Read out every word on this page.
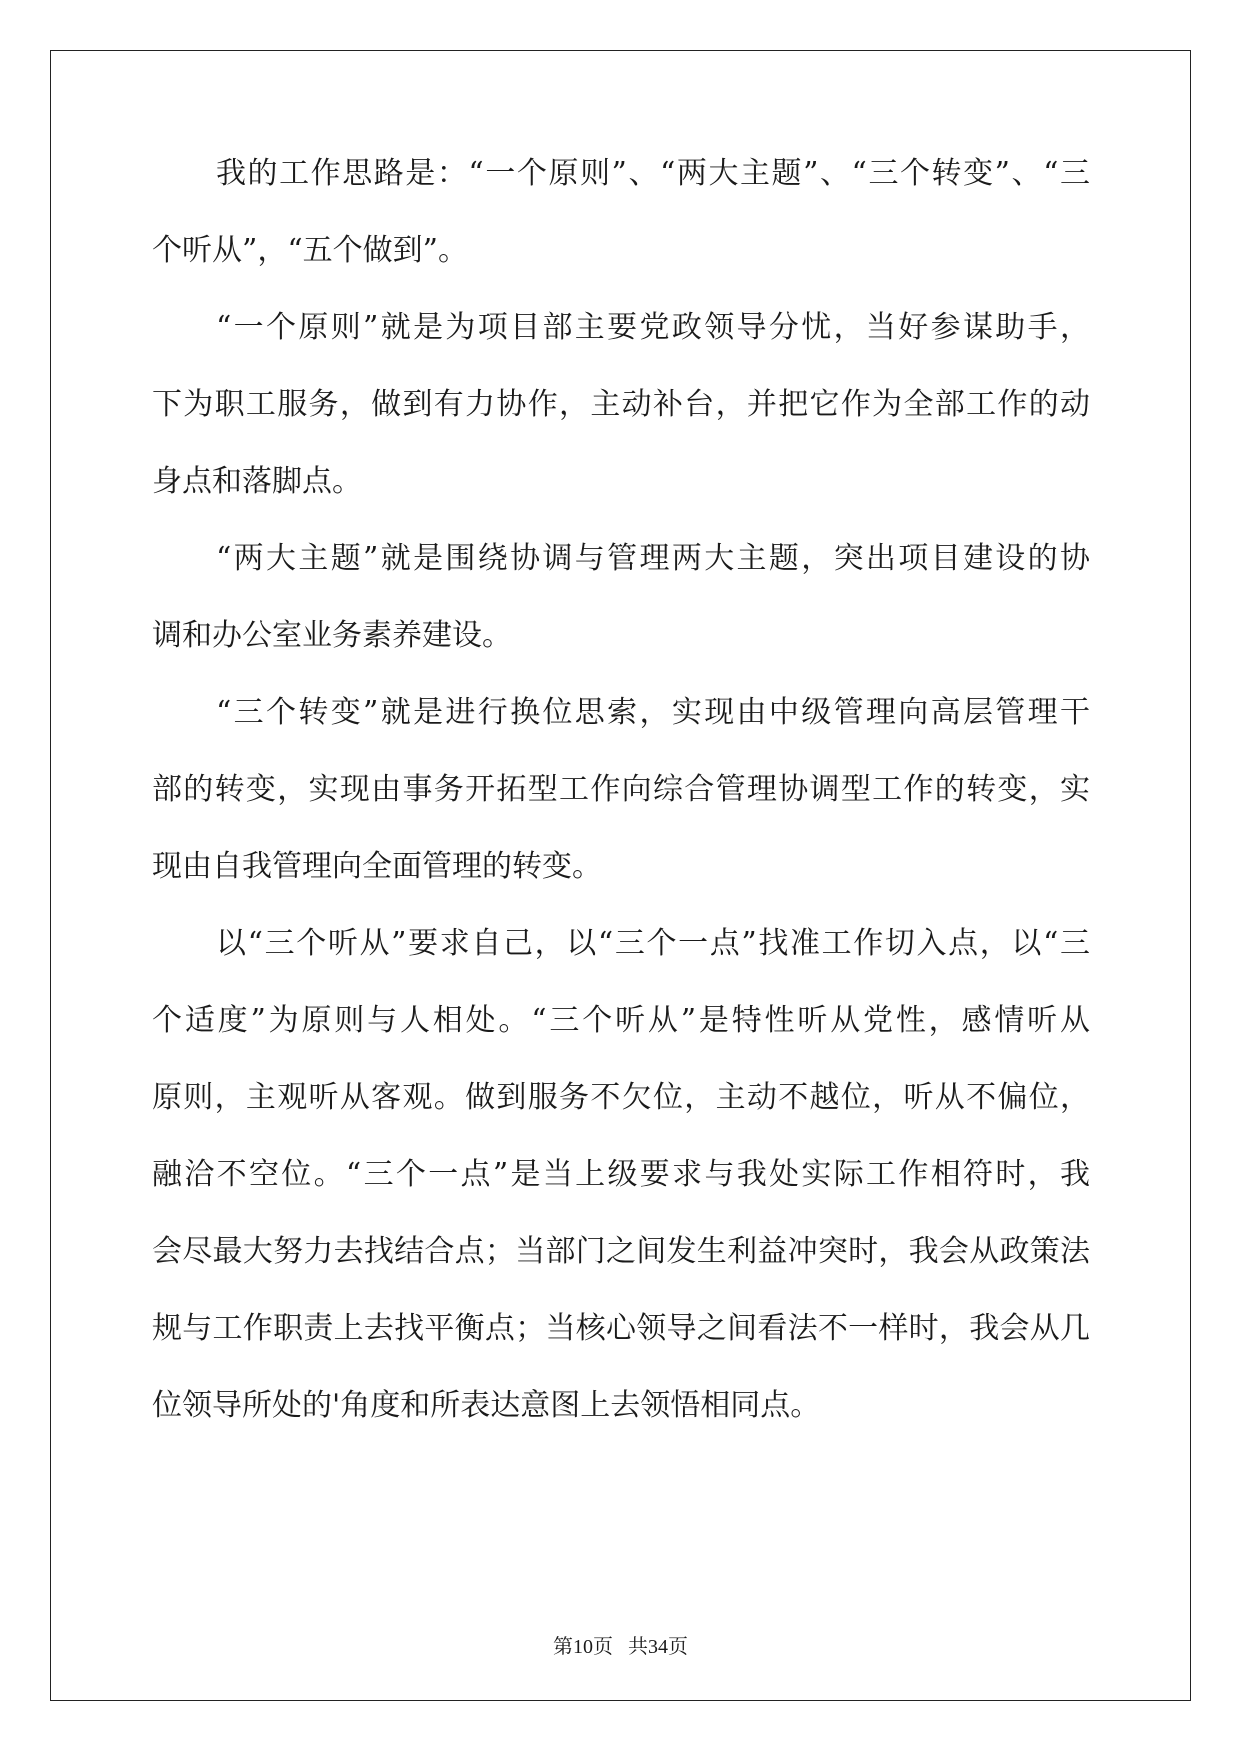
我的工作思路是：“一个原则”、“两大主题”、“三个转变”、“三
个听从”，“五个做到”。
“一个原则”就是为项目部主要党政领导分忧，当好参谋助手，
下为职工服务，做到有力协作，主动补台，并把它作为全部工作的动
身点和落脚点。
“两大主题”就是围绕协调与管理两大主题，突出项目建设的协
调和办公室业务素养建设。
“三个转变”就是进行换位思索，实现由中级管理向高层管理干
部的转变，实现由事务开拓型工作向综合管理协调型工作的转变，实
现由自我管理向全面管理的转变。
以“三个听从”要求自己，以“三个一点”找准工作切入点，以“三
个适度”为原则与人相处。“三个听从”是特性听从党性，感情听从
原则，主观听从客观。做到服务不欠位，主动不越位，听从不偏位，
融洽不空位。“三个一点”是当上级要求与我处实际工作相符时，我
会尽最大努力去找结合点；当部门之间发生利益冲突时，我会从政策法
规与工作职责上去找平衡点；当核心领导之间看法不一样时，我会从几
位领导所处的'角度和所表达意图上去领悟相同点。
第10页 共34页
